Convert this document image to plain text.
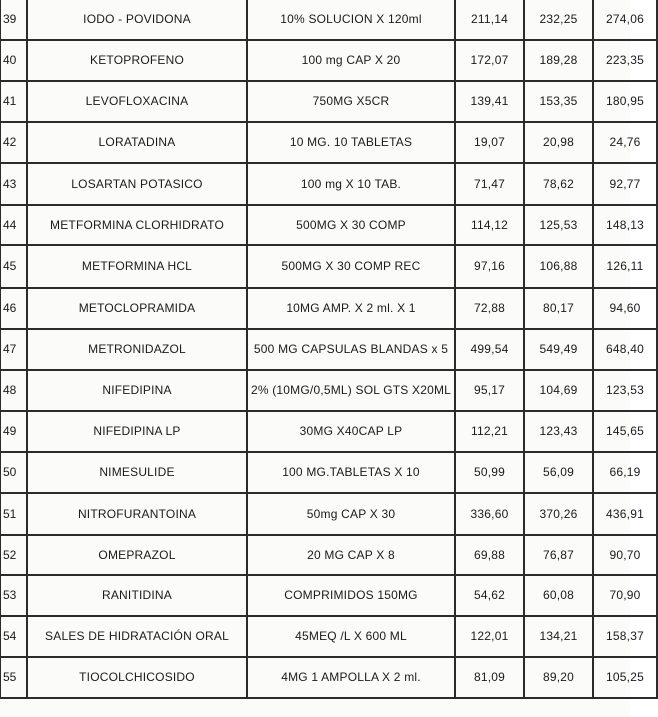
39	IODO - POVIDONA	10% SOLUCION X 120ml	211,14	232,25	274,06
40	KETOPROFENO	100 mg CAP X 20	172,07	189,28	223,35
41	LEVOFLOXACINA	750MG X5CR	139,41	153,35	180,95
42	LORATADINA	10 MG. 10 TABLETAS	19,07	20,98	24,76
43	LOSARTAN POTASICO	100 mg X 10 TAB.	71,47	78,62	92,77
44	METFORMINA CLORHIDRATO	500MG X 30 COMP	114,12	125,53	148,13
45	METFORMINA HCL	500MG X 30 COMP REC	97,16	106,88	126,11
46	METOCLOPRAMIDA	10MG AMP. X 2 ml. X 1	72,88	80,17	94,60
47	METRONIDAZOL	500 MG CAPSULAS BLANDAS x 5	499,54	549,49	648,40
48	NIFEDIPINA	2% (10MG/0,5ML) SOL GTS X20ML	95,17	104,69	123,53
49	NIFEDIPINA LP	30MG X40CAP LP	112,21	123,43	145,65
50	NIMESULIDE	100 MG.TABLETAS X 10	50,99	56,09	66,19
51	NITROFURANTOINA	50mg CAP X 30	336,60	370,26	436,91
52	OMEPRAZOL	20 MG CAP X 8	69,88	76,87	90,70
53	RANITIDINA	COMPRIMIDOS 150MG	54,62	60,08	70,90
54	SALES DE HIDRATACIÓN ORAL	45MEQ /L X 600 ML	122,01	134,21	158,37
55	TIOCOLCHICOSIDO	4MG 1 AMPOLLA X 2 ml.	81,09	89,20	105,25
